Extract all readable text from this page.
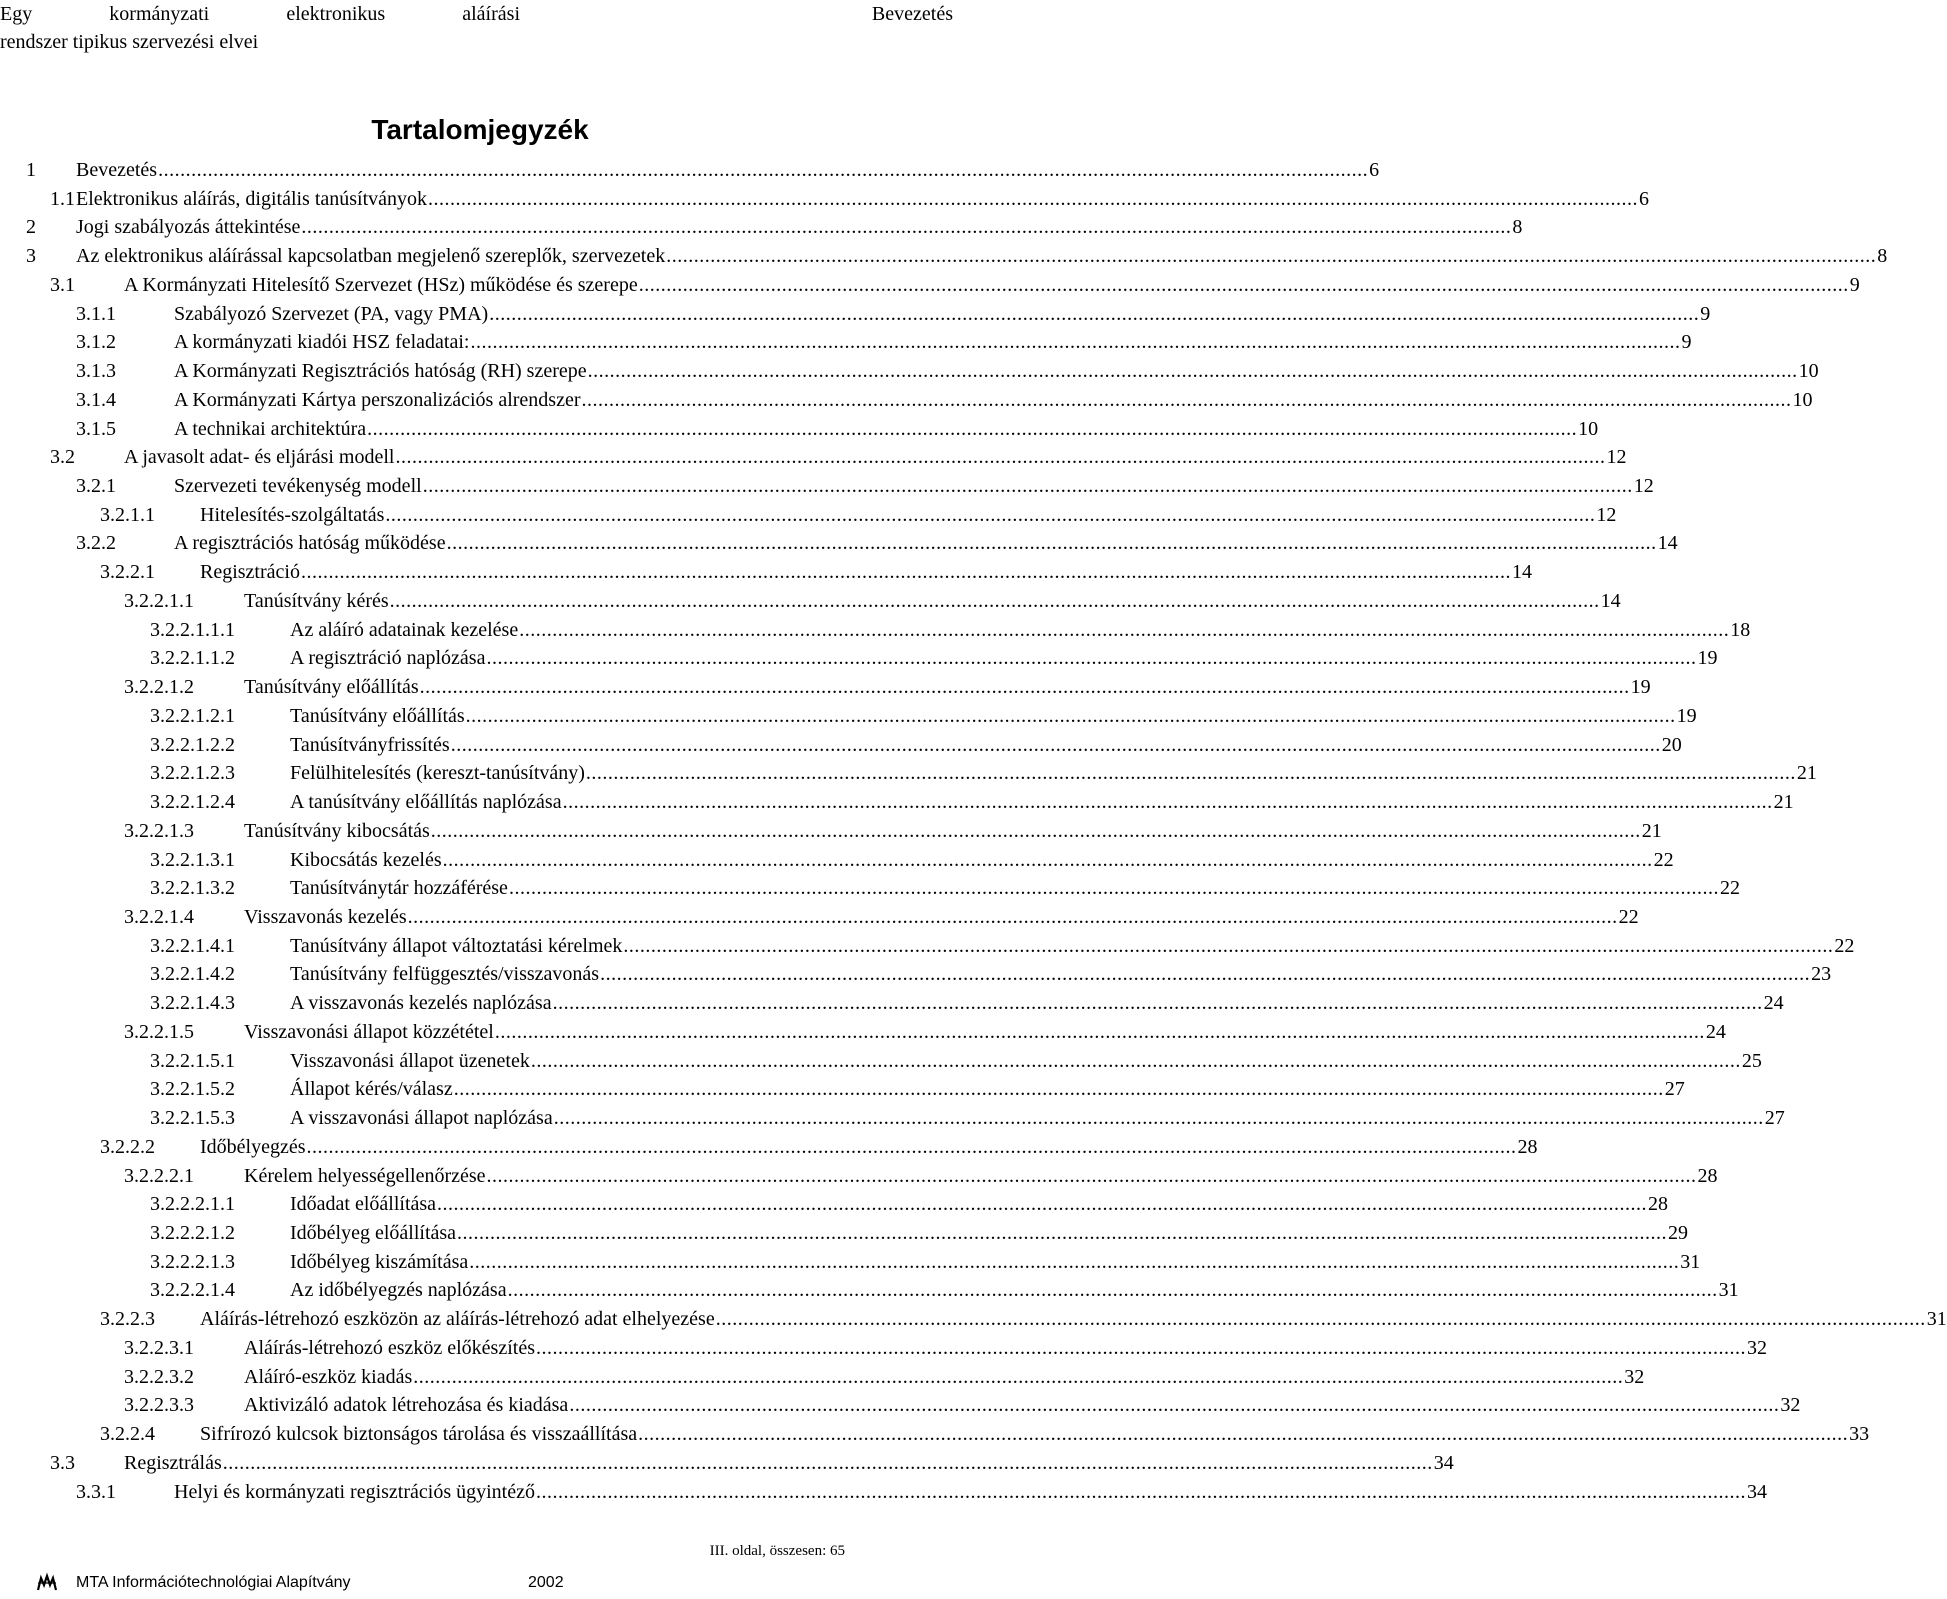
Egy	kormányzati	elektronikus	aláírási
rendszer tipikus szervezési elvei
Bevezetés
Tartalomjegyzék
1	Bevezetés ............................................................................................................................................................................................................................ 6
1.1 Elektronikus aláírás, digitális tanúsítványok ............................................................................................................................................................................................................................ 6
2	Jogi szabályozás áttekintése ............................................................................................................................................................................................................................ 8
3	Az elektronikus aláírással kapcsolatban megjelenő szereplők, szervezetek ............................................................................................................................................................................................................................ 8
3.1	A Kormányzati Hitelesítő Szervezet (HSz) működése és szerepe ............................................................................................................................................................................................................................ 9
3.1.1	Szabályozó Szervezet (PA, vagy PMA) ............................................................................................................................................................................................................................ 9
3.1.2	A kormányzati kiadói HSZ feladatai: ............................................................................................................................................................................................................................ 9
3.1.3	A Kormányzati Regisztrációs hatóság (RH) szerepe ............................................................................................................................................................................................................................ 10
3.1.4	A Kormányzati Kártya perszonalizációs alrendszer ............................................................................................................................................................................................................................ 10
3.1.5	A technikai architektúra ............................................................................................................................................................................................................................ 10
3.2	A javasolt adat- és eljárási modell ............................................................................................................................................................................................................................ 12
3.2.1	Szervezeti tevékenység modell ............................................................................................................................................................................................................................ 12
3.2.1.1	Hitelesítés-szolgáltatás ............................................................................................................................................................................................................................ 12
3.2.2	A regisztrációs hatóság működése ............................................................................................................................................................................................................................ 14
3.2.2.1	Regisztráció ............................................................................................................................................................................................................................ 14
3.2.2.1.1	Tanúsítvány kérés ............................................................................................................................................................................................................................ 14
3.2.2.1.1.1	Az aláíró adatainak kezelése ............................................................................................................................................................................................................................ 18
3.2.2.1.1.2	A regisztráció naplózása ............................................................................................................................................................................................................................ 19
3.2.2.1.2	Tanúsítvány előállítás ............................................................................................................................................................................................................................ 19
3.2.2.1.2.1	Tanúsítvány előállítás ............................................................................................................................................................................................................................ 19
3.2.2.1.2.2	Tanúsítványfrissítés ............................................................................................................................................................................................................................ 20
3.2.2.1.2.3	Felülhitelesítés (kereszt-tanúsítvány) ............................................................................................................................................................................................................................ 21
3.2.2.1.2.4	A tanúsítvány előállítás naplózása ............................................................................................................................................................................................................................ 21
3.2.2.1.3	Tanúsítvány kibocsátás ............................................................................................................................................................................................................................ 21
3.2.2.1.3.1	Kibocsátás kezelés ............................................................................................................................................................................................................................ 22
3.2.2.1.3.2	Tanúsítványtár hozzáférése ............................................................................................................................................................................................................................ 22
3.2.2.1.4	Visszavonás kezelés ............................................................................................................................................................................................................................ 22
3.2.2.1.4.1	Tanúsítvány állapot változtatási kérelmek ............................................................................................................................................................................................................................ 22
3.2.2.1.4.2	Tanúsítvány felfüggesztés/visszavonás ............................................................................................................................................................................................................................ 23
3.2.2.1.4.3	A visszavonás kezelés naplózása ............................................................................................................................................................................................................................ 24
3.2.2.1.5	Visszavonási állapot közzététel ............................................................................................................................................................................................................................ 24
3.2.2.1.5.1	Visszavonási állapot üzenetek ............................................................................................................................................................................................................................ 25
3.2.2.1.5.2	Állapot kérés/válasz ............................................................................................................................................................................................................................ 27
3.2.2.1.5.3	A visszavonási állapot naplózása ............................................................................................................................................................................................................................ 27
3.2.2.2	Időbélyegzés ............................................................................................................................................................................................................................ 28
3.2.2.2.1	Kérelem helyességellenőrzése ............................................................................................................................................................................................................................ 28
3.2.2.2.1.1	Időadat előállítása ............................................................................................................................................................................................................................ 28
3.2.2.2.1.2	Időbélyeg előállítása ............................................................................................................................................................................................................................ 29
3.2.2.2.1.3	Időbélyeg kiszámítása ............................................................................................................................................................................................................................ 31
3.2.2.2.1.4	Az időbélyegzés naplózása ............................................................................................................................................................................................................................ 31
3.2.2.3	Aláírás-létrehozó eszközön az aláírás-létrehozó adat elhelyezése ............................................................................................................................................................................................................................ 31
3.2.2.3.1	Aláírás-létrehozó eszköz előkészítés ............................................................................................................................................................................................................................ 32
3.2.2.3.2	Aláíró-eszköz kiadás ............................................................................................................................................................................................................................ 32
3.2.2.3.3	Aktivizáló adatok létrehozása és kiadása ............................................................................................................................................................................................................................ 32
3.2.2.4	Sifrírozó kulcsok biztonságos tárolása és visszaállítása ............................................................................................................................................................................................................................ 33
3.3	Regisztrálás ............................................................................................................................................................................................................................ 34
3.3.1	Helyi és kormányzati regisztrációs ügyintéző ............................................................................................................................................................................................................................ 34
III. oldal, összesen: 65
MTA Információtechnológiai Alapítvány	2002
